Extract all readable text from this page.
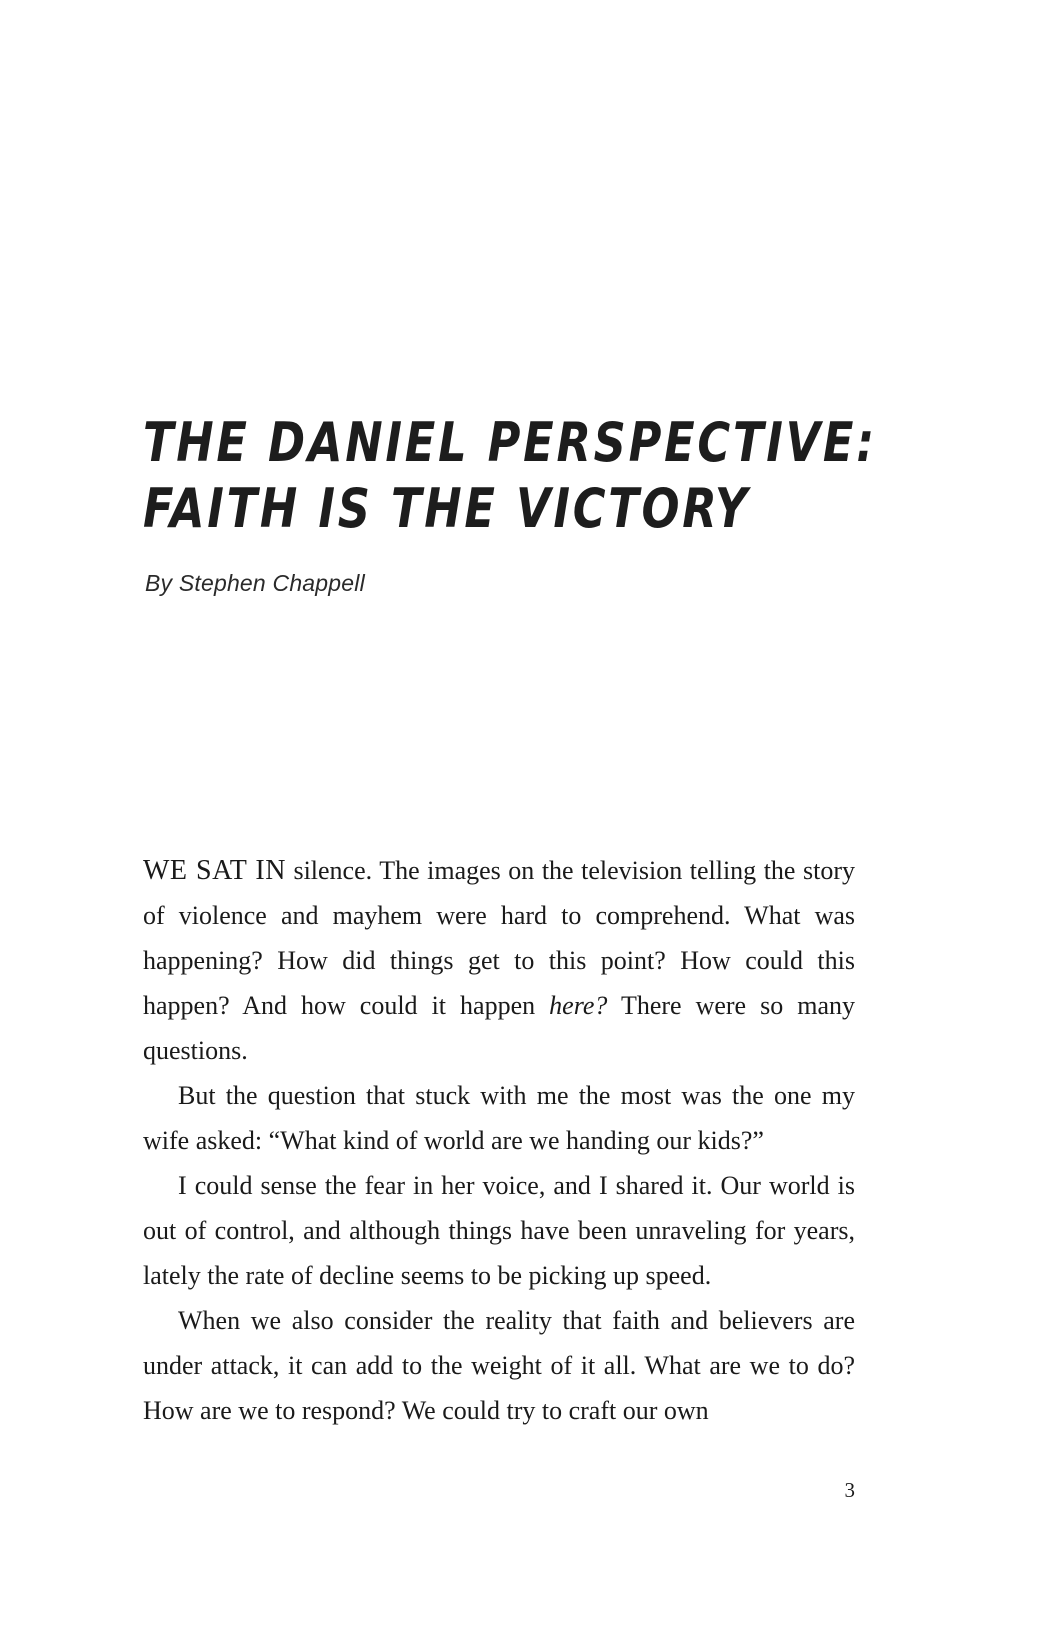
THE DANIEL PERSPECTIVE:
FAITH IS THE VICTORY
By Stephen Chappell

WE SAT IN silence. The images on the television telling the story of violence and mayhem were hard to comprehend. What was happening? How did things get to this point? How could this happen? And how could it happen here? There were so many questions.

But the question that stuck with me the most was the one my wife asked: “What kind of world are we handing our kids?”

I could sense the fear in her voice, and I shared it. Our world is out of control, and although things have been unraveling for years, lately the rate of decline seems to be picking up speed.

When we also consider the reality that faith and believers are under attack, it can add to the weight of it all. What are we to do? How are we to respond? We could try to craft our own

3
